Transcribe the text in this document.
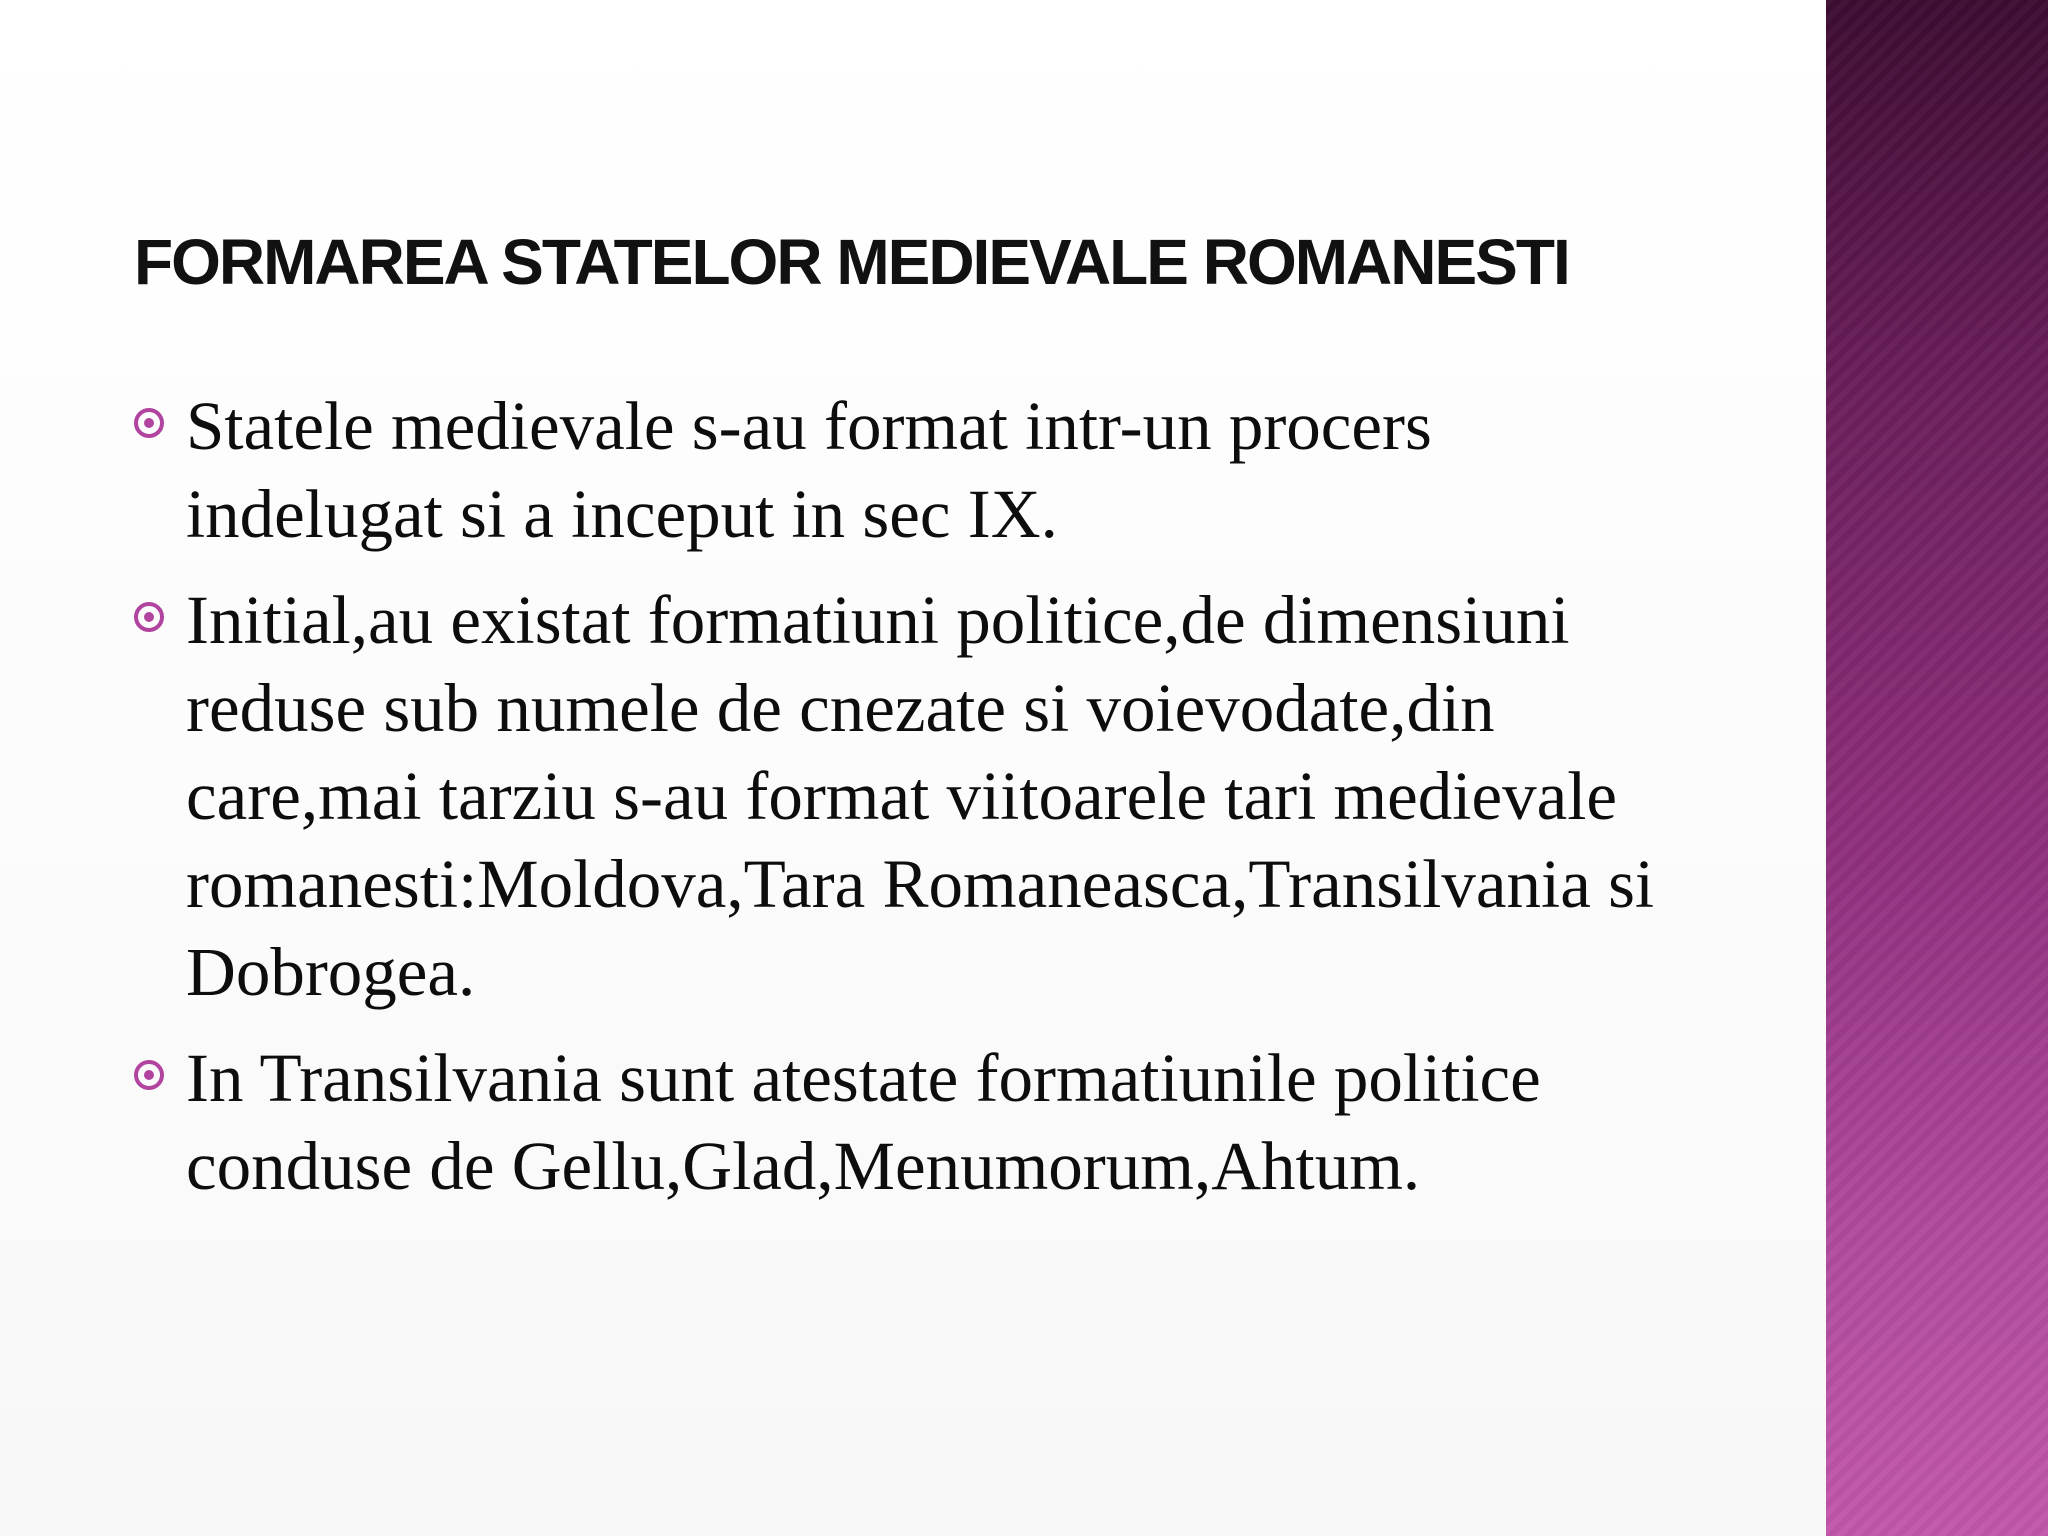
FORMAREA STATELOR MEDIEVALE ROMANESTI
Statele medievale s-au format intr-un procers indelugat si a inceput in sec IX.
Initial,au existat formatiuni politice,de dimensiuni reduse sub numele de cnezate si voievodate,din care,mai tarziu s-au format viitoarele tari medievale romanesti:Moldova,Tara Romaneasca,Transilvania si Dobrogea.
In Transilvania sunt atestate formatiunile politice conduse de Gellu,Glad,Menumorum,Ahtum.
